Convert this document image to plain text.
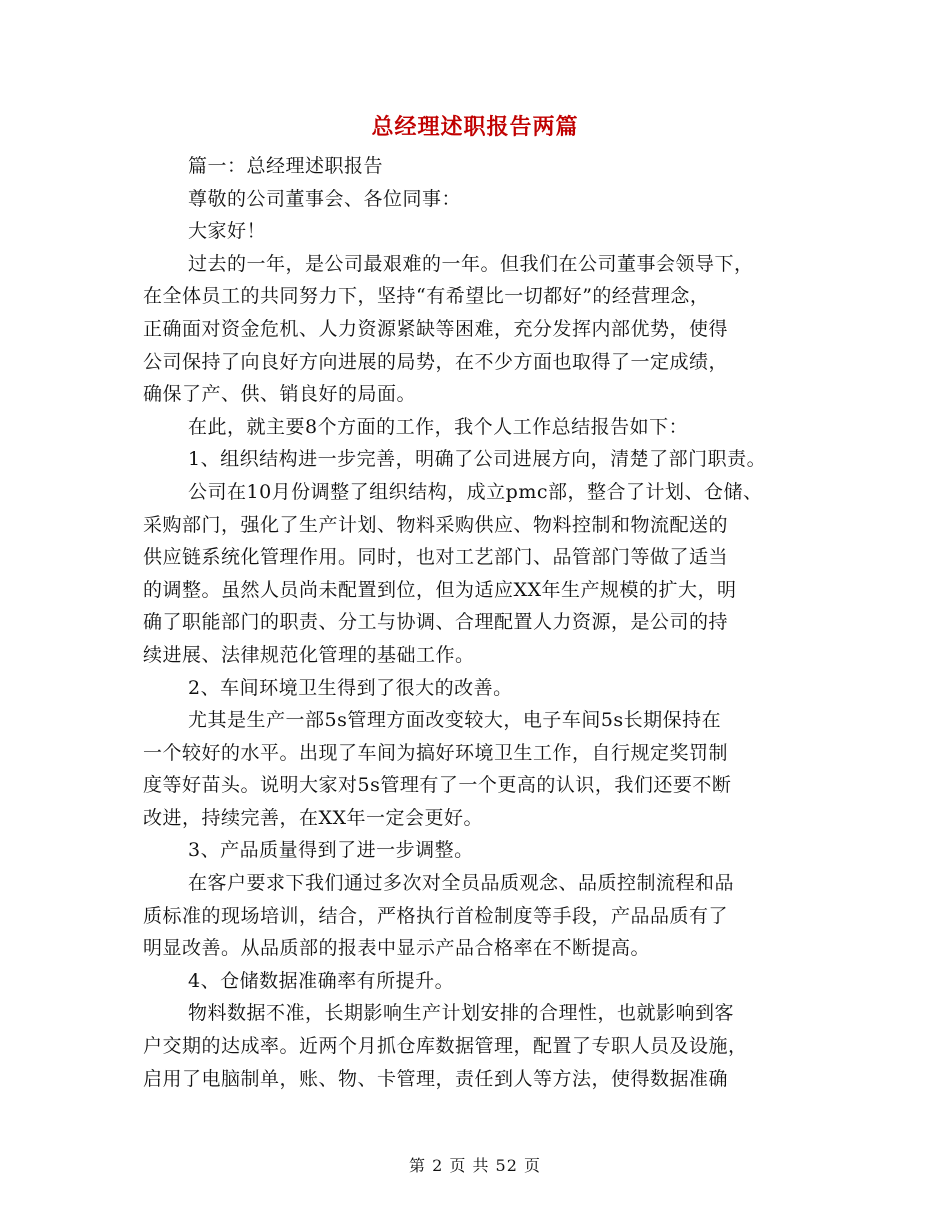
总经理述职报告两篇
篇一：总经理述职报告
尊敬的公司董事会、各位同事：
大家好！
过去的一年，是公司最艰难的一年。但我们在公司董事会领导下，
在全体员工的共同努力下，坚持“有希望比一切都好”的经营理念，
正确面对资金危机、人力资源紧缺等困难，充分发挥内部优势，使得
公司保持了向良好方向进展的局势，在不少方面也取得了一定成绩，
确保了产、供、销良好的局面。
在此，就主要8个方面的工作，我个人工作总结报告如下：
1、组织结构进一步完善，明确了公司进展方向，清楚了部门职责。
公司在10月份调整了组织结构，成立pmc部，整合了计划、仓储、
采购部门，强化了生产计划、物料采购供应、物料控制和物流配送的
供应链系统化管理作用。同时，也对工艺部门、品管部门等做了适当
的调整。虽然人员尚未配置到位，但为适应XX年生产规模的扩大，明
确了职能部门的职责、分工与协调、合理配置人力资源，是公司的持
续进展、法律规范化管理的基础工作。
2、车间环境卫生得到了很大的改善。
尤其是生产一部5s管理方面改变较大，电子车间5s长期保持在
一个较好的水平。出现了车间为搞好环境卫生工作，自行规定奖罚制
度等好苗头。说明大家对5s管理有了一个更高的认识，我们还要不断
改进，持续完善，在XX年一定会更好。
3、产品质量得到了进一步调整。
在客户要求下我们通过多次对全员品质观念、品质控制流程和品
质标准的现场培训，结合，严格执行首检制度等手段，产品品质有了
明显改善。从品质部的报表中显示产品合格率在不断提高。
4、仓储数据准确率有所提升。
物料数据不准，长期影响生产计划安排的合理性，也就影响到客
户交期的达成率。近两个月抓仓库数据管理，配置了专职人员及设施，
启用了电脑制单，账、物、卡管理，责任到人等方法，使得数据准确
第 2 页 共 52 页
